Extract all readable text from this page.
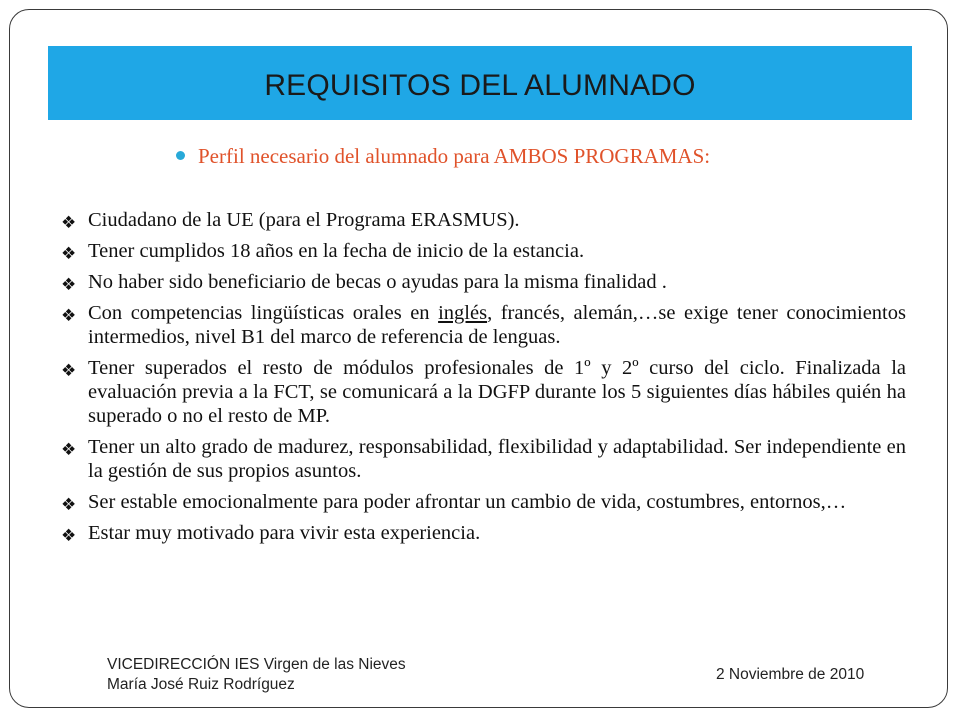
REQUISITOS DEL ALUMNADO
Perfil necesario del alumnado para AMBOS PROGRAMAS:
❖ Ciudadano de la UE (para el Programa ERASMUS).
❖ Tener cumplidos 18 años en la fecha de inicio de la estancia.
❖ No haber sido beneficiario de becas o ayudas para la misma finalidad .
❖ Con competencias lingüísticas orales en inglés, francés, alemán,…se exige tener conocimientos intermedios, nivel B1 del marco de referencia de lenguas.
❖ Tener superados el resto de módulos profesionales de 1º y 2º curso del ciclo. Finalizada la evaluación previa a la FCT, se comunicará a la DGFP durante los 5 siguientes días hábiles quién ha superado o no el resto de MP.
❖ Tener un alto grado de madurez, responsabilidad, flexibilidad y adaptabilidad. Ser independiente en la gestión de sus propios asuntos.
❖ Ser estable emocionalmente para poder afrontar un cambio de vida, costumbres, entornos,…
❖ Estar muy motivado para vivir esta experiencia.
VICEDIRECCIÓN IES Virgen de las Nieves
María José Ruiz Rodríguez
2 Noviembre de 2010
